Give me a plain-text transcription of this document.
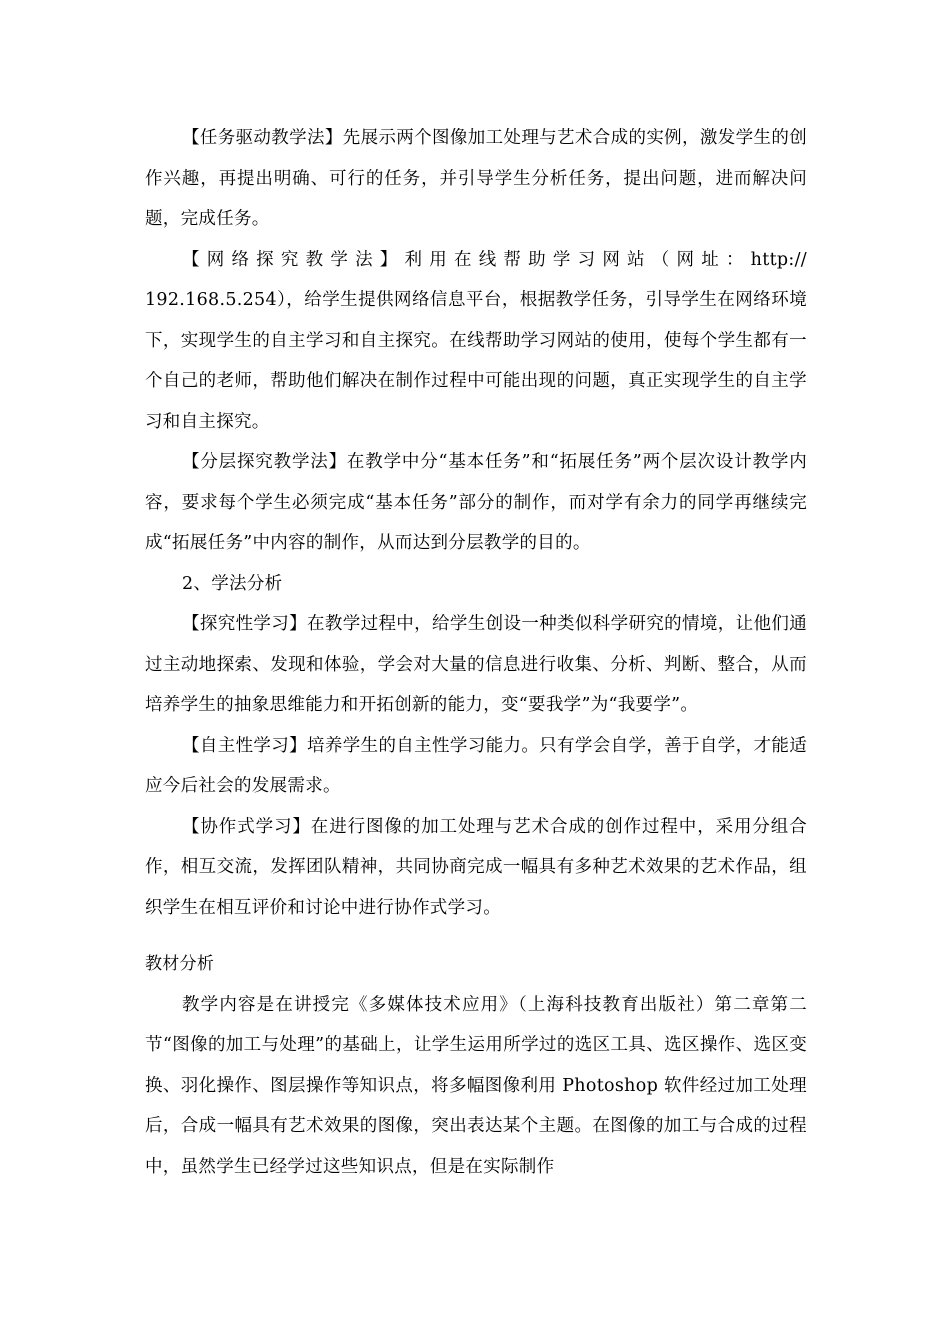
【任务驱动教学法】先展示两个图像加工处理与艺术合成的实例，激发学生的创作兴趣，再提出明确、可行的任务，并引导学生分析任务，提出问题，进而解决问题，完成任务。

【网络探究教学法】利用在线帮助学习网站（网址：http:// 192.168.5.254），给学生提供网络信息平台，根据教学任务，引导学生在网络环境下，实现学生的自主学习和自主探究。在线帮助学习网站的使用，使每个学生都有一个自己的老师，帮助他们解决在制作过程中可能出现的问题，真正实现学生的自主学习和自主探究。

【分层探究教学法】在教学中分“基本任务”和“拓展任务”两个层次设计教学内容，要求每个学生必须完成“基本任务”部分的制作，而对学有余力的同学再继续完成“拓展任务”中内容的制作，从而达到分层教学的目的。

2、学法分析

【探究性学习】在教学过程中，给学生创设一种类似科学研究的情境，让他们通过主动地探索、发现和体验，学会对大量的信息进行收集、分析、判断、整合，从而培养学生的抽象思维能力和开拓创新的能力，变“要我学”为“我要学”。

【自主性学习】培养学生的自主性学习能力。只有学会自学，善于自学，才能适应今后社会的发展需求。

【协作式学习】在进行图像的加工处理与艺术合成的创作过程中，采用分组合作，相互交流，发挥团队精神，共同协商完成一幅具有多种艺术效果的艺术作品，组织学生在相互评价和讨论中进行协作式学习。

教材分析

教学内容是在讲授完《多媒体技术应用》（上海科技教育出版社）第二章第二节“图像的加工与处理”的基础上，让学生运用所学过的选区工具、选区操作、选区变换、羽化操作、图层操作等知识点，将多幅图像利用 Photoshop 软件经过加工处理后，合成一幅具有艺术效果的图像，突出表达某个主题。在图像的加工与合成的过程中，虽然学生已经学过这些知识点，但是在实际制作
